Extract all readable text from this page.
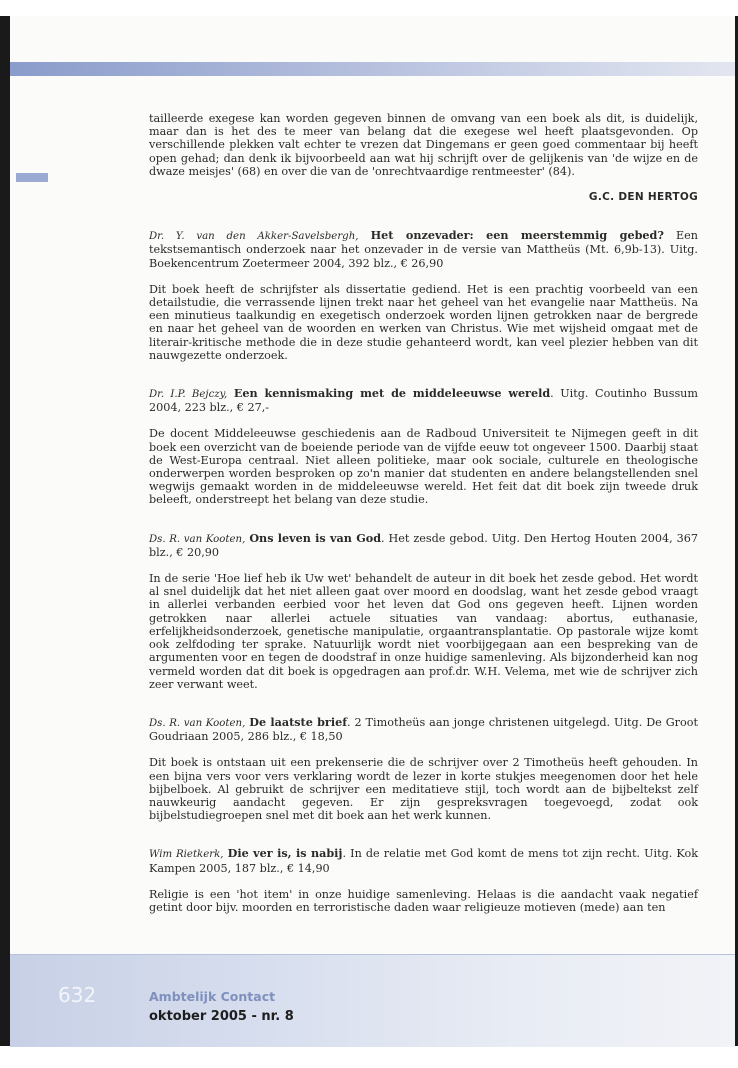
tailleerde exegese kan worden gegeven binnen de omvang van een boek als dit, is duidelijk, maar dan is het des te meer van belang dat die exegese wel heeft plaatsgevonden. Op verschillende plekken valt echter te vrezen dat Dingemans er geen goed commentaar bij heeft open gehad; dan denk ik bijvoorbeeld aan wat hij schrijft over de gelijkenis van 'de wijze en de dwaze meisjes' (68) en over die van de 'onrechtvaardige rentmeester' (84).

G.C. DEN HERTOG

Dr. Y. van den Akker-Savelsbergh, Het onzevader: een meerstemmig gebed? Een tekstsemantisch onderzoek naar het onzevader in de versie van Mattheüs (Mt. 6,9b-13). Uitg. Boekencentrum Zoetermeer 2004, 392 blz., € 26,90

Dit boek heeft de schrijfster als dissertatie gediend. Het is een prachtig voorbeeld van een detailstudie, die verrassende lijnen trekt naar het geheel van het evangelie naar Mattheüs. Na een minutieus taalkundig en exegetisch onderzoek worden lijnen getrokken naar de bergrede en naar het geheel van de woorden en werken van Christus. Wie met wijsheid omgaat met de literair-kritische methode die in deze studie gehanteerd wordt, kan veel plezier hebben van dit nauwgezette onderzoek.

Dr. I.P. Bejczy, Een kennismaking met de middeleeuwse wereld. Uitg. Coutinho Bussum 2004, 223 blz., € 27,-

De docent Middeleeuwse geschiedenis aan de Radboud Universiteit te Nijmegen geeft in dit boek een overzicht van de boeiende periode van de vijfde eeuw tot ongeveer 1500. Daarbij staat de West-Europa centraal. Niet alleen politieke, maar ook sociale, culturele en theologische onderwerpen worden besproken op zo'n manier dat studenten en andere belangstellenden snel wegwijs gemaakt worden in de middeleeuwse wereld. Het feit dat dit boek zijn tweede druk beleeft, onderstreept het belang van deze studie.

Ds. R. van Kooten, Ons leven is van God. Het zesde gebod. Uitg. Den Hertog Houten 2004, 367 blz., € 20,90

In de serie 'Hoe lief heb ik Uw wet' behandelt de auteur in dit boek het zesde gebod. Het wordt al snel duidelijk dat het niet alleen gaat over moord en doodslag, want het zesde gebod vraagt in allerlei verbanden eerbied voor het leven dat God ons gegeven heeft. Lijnen worden getrokken naar allerlei actuele situaties van vandaag: abortus, euthanasie, erfelijkheidsonderzoek, genetische manipulatie, orgaantransplantatie. Op pastorale wijze komt ook zelfdoding ter sprake. Natuurlijk wordt niet voorbijgegaan aan een bespreking van de argumenten voor en tegen de doodstraf in onze huidige samenleving. Als bijzonderheid kan nog vermeld worden dat dit boek is opgedragen aan prof.dr. W.H. Velema, met wie de schrijver zich zeer verwant weet.

Ds. R. van Kooten, De laatste brief. 2 Timotheüs aan jonge christenen uitgelegd. Uitg. De Groot Goudriaan 2005, 286 blz., € 18,50

Dit boek is ontstaan uit een prekenserie die de schrijver over 2 Timotheüs heeft gehouden. In een bijna vers voor vers verklaring wordt de lezer in korte stukjes meegenomen door het hele bijbelboek. Al gebruikt de schrijver een meditatieve stijl, toch wordt aan de bijbeltekst zelf nauwkeurig aandacht gegeven. Er zijn gespreksvragen toegevoegd, zodat ook bijbelstudiegroepen snel met dit boek aan het werk kunnen.

Wim Rietkerk, Die ver is, is nabij. In de relatie met God komt de mens tot zijn recht. Uitg. Kok Kampen 2005, 187 blz., € 14,90

Religie is een 'hot item' in onze huidige samenleving. Helaas is die aandacht vaak negatief getint door bijv. moorden en terroristische daden waar religieuze motieven (mede) aan ten

632	Ambtelijk Contact
oktober 2005 - nr. 8
